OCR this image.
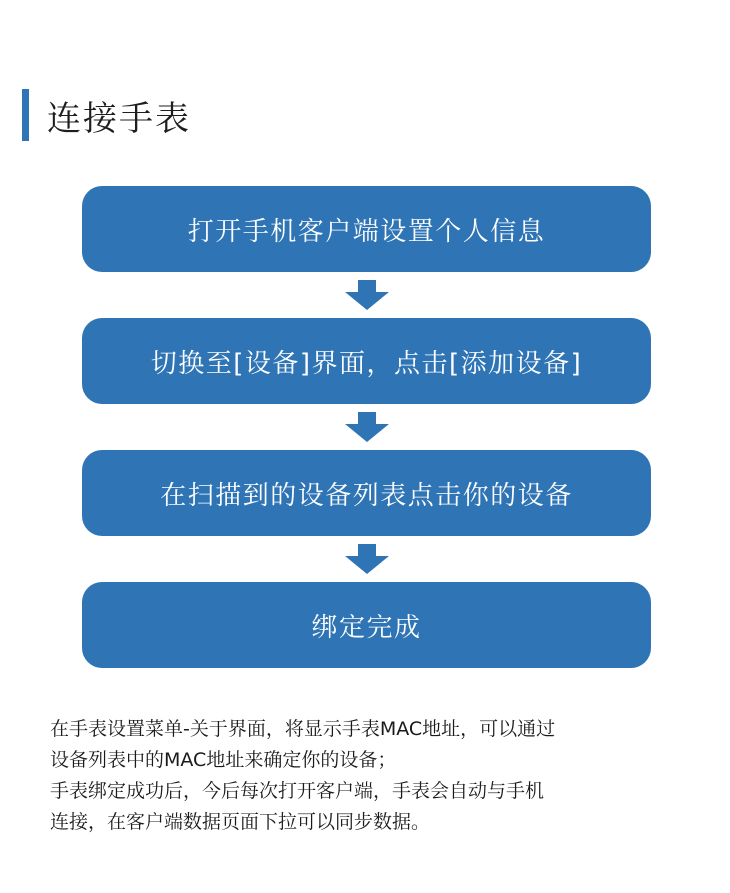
连接手表
打开手机客户端设置个人信息
切换至[设备]界面，点击[添加设备]
在扫描到的设备列表点击你的设备
绑定完成

在手表设置菜单-关于界面，将显示手表MAC地址，可以通过

设备列表中的MAC地址来确定你的设备；

手表绑定成功后，今后每次打开客户端，手表会自动与手机

连接，在客户端数据页面下拉可以同步数据。
